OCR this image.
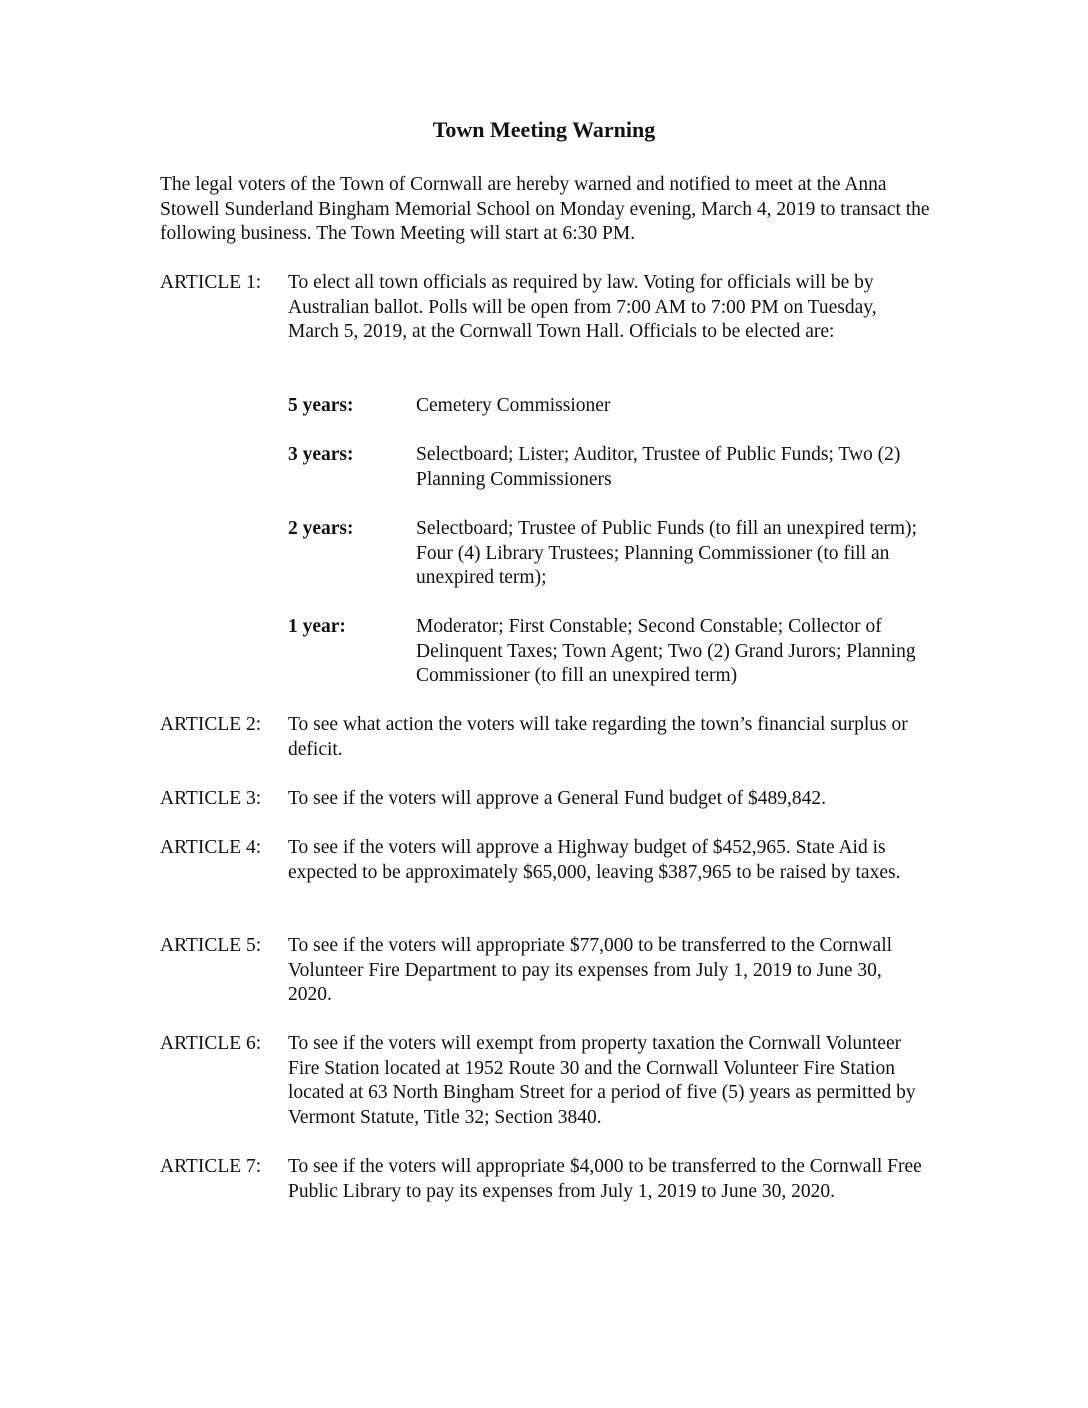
Town Meeting Warning
The legal voters of the Town of Cornwall are hereby warned and notified to meet at the Anna Stowell Sunderland Bingham Memorial School on Monday evening, March 4, 2019 to transact the following business. The Town Meeting will start at 6:30 PM.
ARTICLE 1:	To elect all town officials as required by law. Voting for officials will be by Australian ballot. Polls will be open from 7:00 AM to 7:00 PM on Tuesday, March 5, 2019, at the Cornwall Town Hall. Officials to be elected are:
5 years:	Cemetery Commissioner
3 years:	Selectboard; Lister; Auditor, Trustee of Public Funds; Two (2) Planning Commissioners
2 years:	Selectboard; Trustee of Public Funds (to fill an unexpired term); Four (4) Library Trustees; Planning Commissioner (to fill an unexpired term);
1 year:	Moderator; First Constable; Second Constable; Collector of Delinquent Taxes; Town Agent; Two (2) Grand Jurors; Planning Commissioner (to fill an unexpired term)
ARTICLE 2:	To see what action the voters will take regarding the town’s financial surplus or deficit.
ARTICLE 3:	To see if the voters will approve a General Fund budget of $489,842.
ARTICLE 4:	To see if the voters will approve a Highway budget of $452,965. State Aid is expected to be approximately $65,000, leaving $387,965 to be raised by taxes.
ARTICLE 5:	To see if the voters will appropriate $77,000 to be transferred to the Cornwall Volunteer Fire Department to pay its expenses from July 1, 2019 to June 30, 2020.
ARTICLE 6:	To see if the voters will exempt from property taxation the Cornwall Volunteer Fire Station located at 1952 Route 30 and the Cornwall Volunteer Fire Station located at 63 North Bingham Street for a period of five (5) years as permitted by Vermont Statute, Title 32; Section 3840.
ARTICLE 7:	To see if the voters will appropriate $4,000 to be transferred to the Cornwall Free Public Library to pay its expenses from July 1, 2019 to June 30, 2020.
